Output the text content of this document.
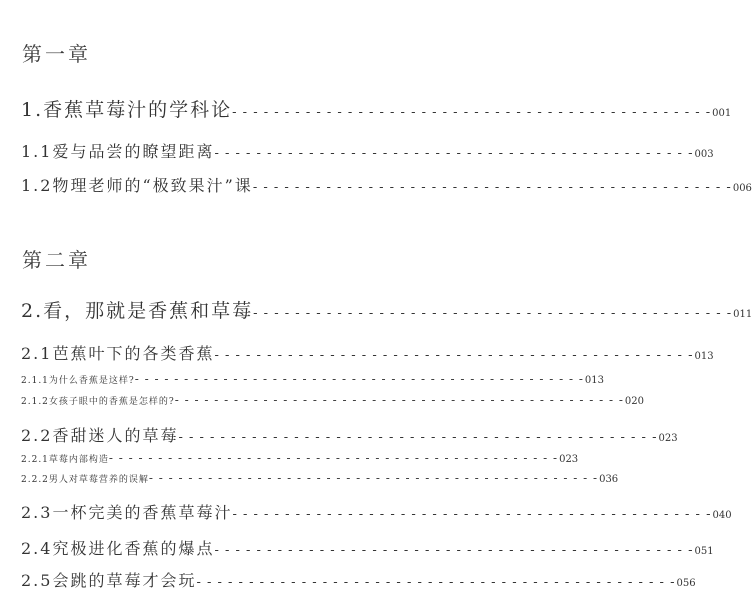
第一章
1.香蕉草莓汁的学科论 - - - - - - - - - - - - - - - - - - - - - - - - - - - - - - - - - - - - - - - - - - - - - - 001
1.1爱与品尝的瞭望距离 - - - - - - - - - - - - - - - - - - - - - - - - - - - - - - - - - - - - - - - - - - - - - - 003
1.2物理老师的“极致果汁”课 - - - - - - - - - - - - - - - - - - - - - - - - - - - - - - - - - - - - - - - - - - - - - - 006
第二章
2.看，那就是香蕉和草莓 - - - - - - - - - - - - - - - - - - - - - - - - - - - - - - - - - - - - - - - - - - - - - - 011
2.1芭蕉叶下的各类香蕉 - - - - - - - - - - - - - - - - - - - - - - - - - - - - - - - - - - - - - - - - - - - - - - 013
2.1.1为什么香蕉是这样? - - - - - - - - - - - - - - - - - - - - - - - - - - - - - - - - - - - - - - - - - - - - - - 013
2.1.2女孩子眼中的香蕉是怎样的? - - - - - - - - - - - - - - - - - - - - - - - - - - - - - - - - - - - - - - - - - - - - - - 020
2.2香甜迷人的草莓 - - - - - - - - - - - - - - - - - - - - - - - - - - - - - - - - - - - - - - - - - - - - - - 023
2.2.1草莓内部构造 - - - - - - - - - - - - - - - - - - - - - - - - - - - - - - - - - - - - - - - - - - - - - - 023
2.2.2男人对草莓营养的误解 - - - - - - - - - - - - - - - - - - - - - - - - - - - - - - - - - - - - - - - - - - - - - - 036
2.3一杯完美的香蕉草莓汁 - - - - - - - - - - - - - - - - - - - - - - - - - - - - - - - - - - - - - - - - - - - - - - 040
2.4究极进化香蕉的爆点 - - - - - - - - - - - - - - - - - - - - - - - - - - - - - - - - - - - - - - - - - - - - - - 051
2.5会跳的草莓才会玩 - - - - - - - - - - - - - - - - - - - - - - - - - - - - - - - - - - - - - - - - - - - - - - 056
